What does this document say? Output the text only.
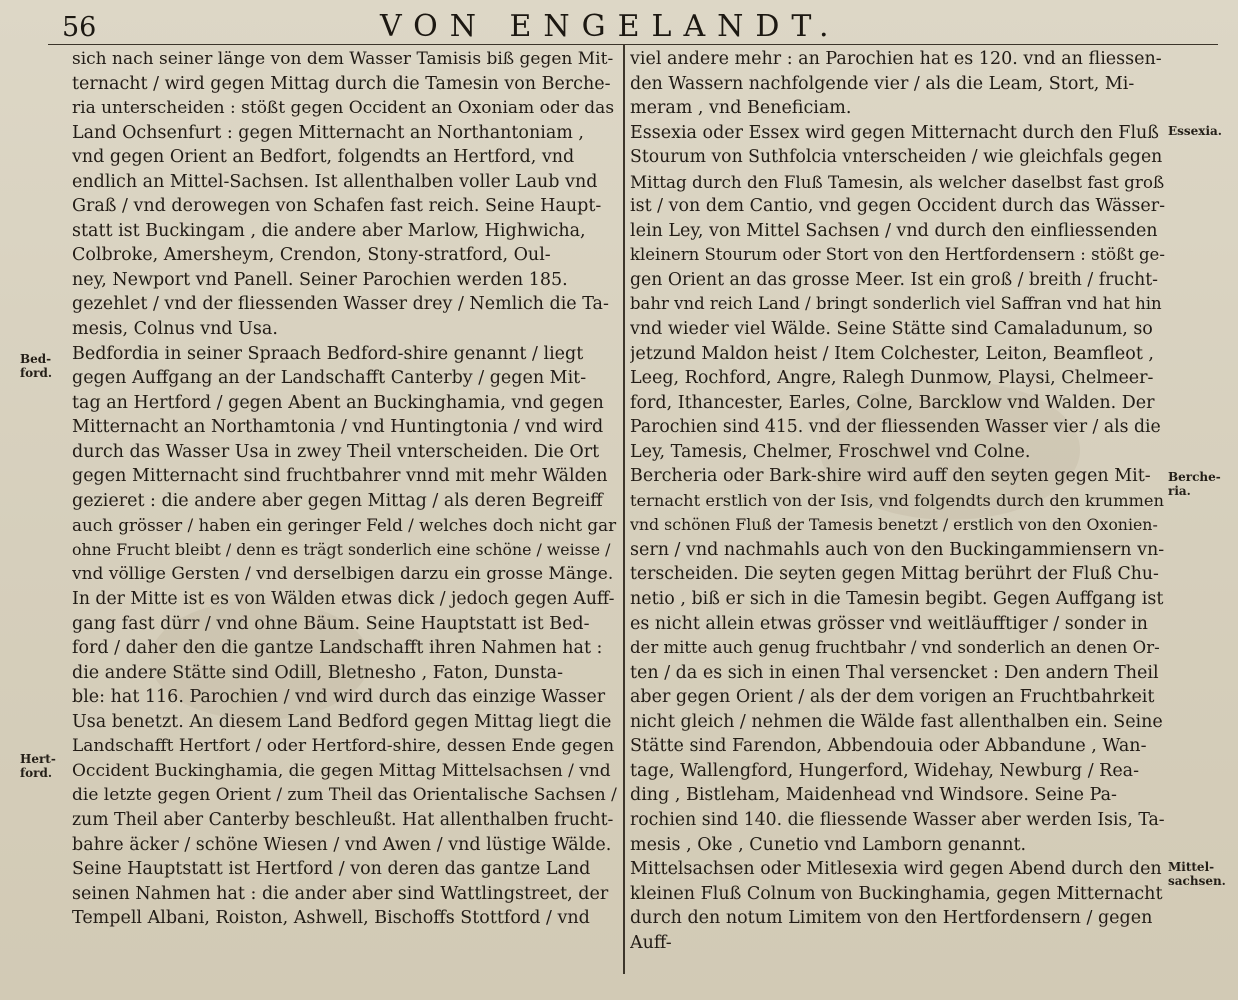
56	VON ENGELANDT.
Bed-ford.
Hert-ford.
Essexia.
Berche-ria.
Mittel-sachsen.
sich nach seiner länge von dem Wasser Tamisis biß gegen Mit-
ternacht / wird gegen Mittag durch die Tamesin von Berche-
ria unterscheiden : stößt gegen Occident an Oxoniam oder das
Land Ochsenfurt : gegen Mitternacht an Northantoniam ,
vnd gegen Orient an Bedfort, folgendts an Hertford, vnd
endlich an Mittel-Sachsen. Ist allenthalben voller Laub vnd
Graß / vnd derowegen von Schafen fast reich. Seine Haupt-
statt ist Buckingam , die andere aber Marlow, Highwicha,
Colbroke, Amersheym, Crendon, Stony-stratford, Oul-
ney, Newport vnd Panell. Seiner Parochien werden 185.
gezehlet / vnd der fliessenden Wasser drey / Nemlich die Ta-
mesis, Colnus vnd Usa.
Bedfordia in seiner Spraach Bedford-shire genannt / liegt
gegen Auffgang an der Landschafft Canterby / gegen Mit-
tag an Hertford / gegen Abent an Buckinghamia, vnd gegen
Mitternacht an Northamtonia / vnd Huntingtonia / vnd wird
durch das Wasser Usa in zwey Theil vnterscheiden. Die Ort
gegen Mitternacht sind fruchtbahrer vnnd mit mehr Wälden
gezieret : die andere aber gegen Mittag / als deren Begreiff
auch grösser / haben ein geringer Feld / welches doch nicht gar
ohne Frucht bleibt / denn es trägt sonderlich eine schöne / weisse /
vnd völlige Gersten / vnd derselbigen darzu ein grosse Mänge.
In der Mitte ist es von Wälden etwas dick / jedoch gegen Auff-
gang fast dürr / vnd ohne Bäum. Seine Hauptstatt ist Bed-
ford / daher den die gantze Landschafft ihren Nahmen hat :
die andere Stätte sind Odill, Bletnesho , Faton, Dunsta-
ble: hat 116. Parochien / vnd wird durch das einzige Wasser
Usa benetzt. An diesem Land Bedford gegen Mittag liegt die
Landschafft Hertfort / oder Hertford-shire, dessen Ende gegen
Occident Buckinghamia, die gegen Mittag Mittelsachsen / vnd
die letzte gegen Orient / zum Theil das Orientalische Sachsen /
zum Theil aber Canterby beschleußt. Hat allenthalben frucht-
bahre äcker / schöne Wiesen / vnd Awen / vnd lüstige Wälde.
Seine Hauptstatt ist Hertford / von deren das gantze Land
seinen Nahmen hat : die ander aber sind Wattlingstreet, der
Tempell Albani, Roiston, Ashwell, Bischoffs Stottford / vnd
viel andere mehr : an Parochien hat es 120. vnd an fliessen-
den Wassern nachfolgende vier / als die Leam, Stort, Mi-
meram , vnd Beneficiam.
Essexia oder Essex wird gegen Mitternacht durch den Fluß
Stourum von Suthfolcia vnterscheiden / wie gleichfals gegen
Mittag durch den Fluß Tamesin, als welcher daselbst fast groß
ist / von dem Cantio, vnd gegen Occident durch das Wässer-
lein Ley, von Mittel Sachsen / vnd durch den einfliessenden
kleinern Stourum oder Stort von den Hertfordensern : stößt ge-
gen Orient an das grosse Meer. Ist ein groß / breith / frucht-
bahr vnd reich Land / bringt sonderlich viel Saffran vnd hat hin
vnd wieder viel Wälde. Seine Stätte sind Camaladunum, so
jetzund Maldon heist / Item Colchester, Leiton, Beamfleot ,
Leeg, Rochford, Angre, Ralegh Dunmow, Playsi, Chelmeer-
ford, Ithancester, Earles, Colne, Barcklow vnd Walden. Der
Parochien sind 415. vnd der fliessenden Wasser vier / als die
Ley, Tamesis, Chelmer, Froschwel vnd Colne.
Bercheria oder Bark-shire wird auff den seyten gegen Mit-
ternacht erstlich von der Isis, vnd folgendts durch den krummen
vnd schönen Fluß der Tamesis benetzt / erstlich von den Oxonien-
sern / vnd nachmahls auch von den Buckingammiensern vn-
terscheiden. Die seyten gegen Mittag berührt der Fluß Chu-
netio , biß er sich in die Tamesin begibt. Gegen Auffgang ist
es nicht allein etwas grösser vnd weitläufftiger / sonder in
der mitte auch genug fruchtbahr / vnd sonderlich an denen Or-
ten / da es sich in einen Thal versencket : Den andern Theil
aber gegen Orient / als der dem vorigen an Fruchtbahrkeit
nicht gleich / nehmen die Wälde fast allenthalben ein. Seine
Stätte sind Farendon, Abbendouia oder Abbandune , Wan-
tage, Wallengford, Hungerford, Widehay, Newburg / Rea-
ding , Bistleham, Maidenhead vnd Windsore. Seine Pa-
rochien sind 140. die fliessende Wasser aber werden Isis, Ta-
mesis , Oke , Cunetio vnd Lamborn genannt.
Mittelsachsen oder Mitlesexia wird gegen Abend durch den
kleinen Fluß Colnum von Buckinghamia, gegen Mitternacht
durch den notum Limitem von den Hertfordensern / gegen
Auff-
